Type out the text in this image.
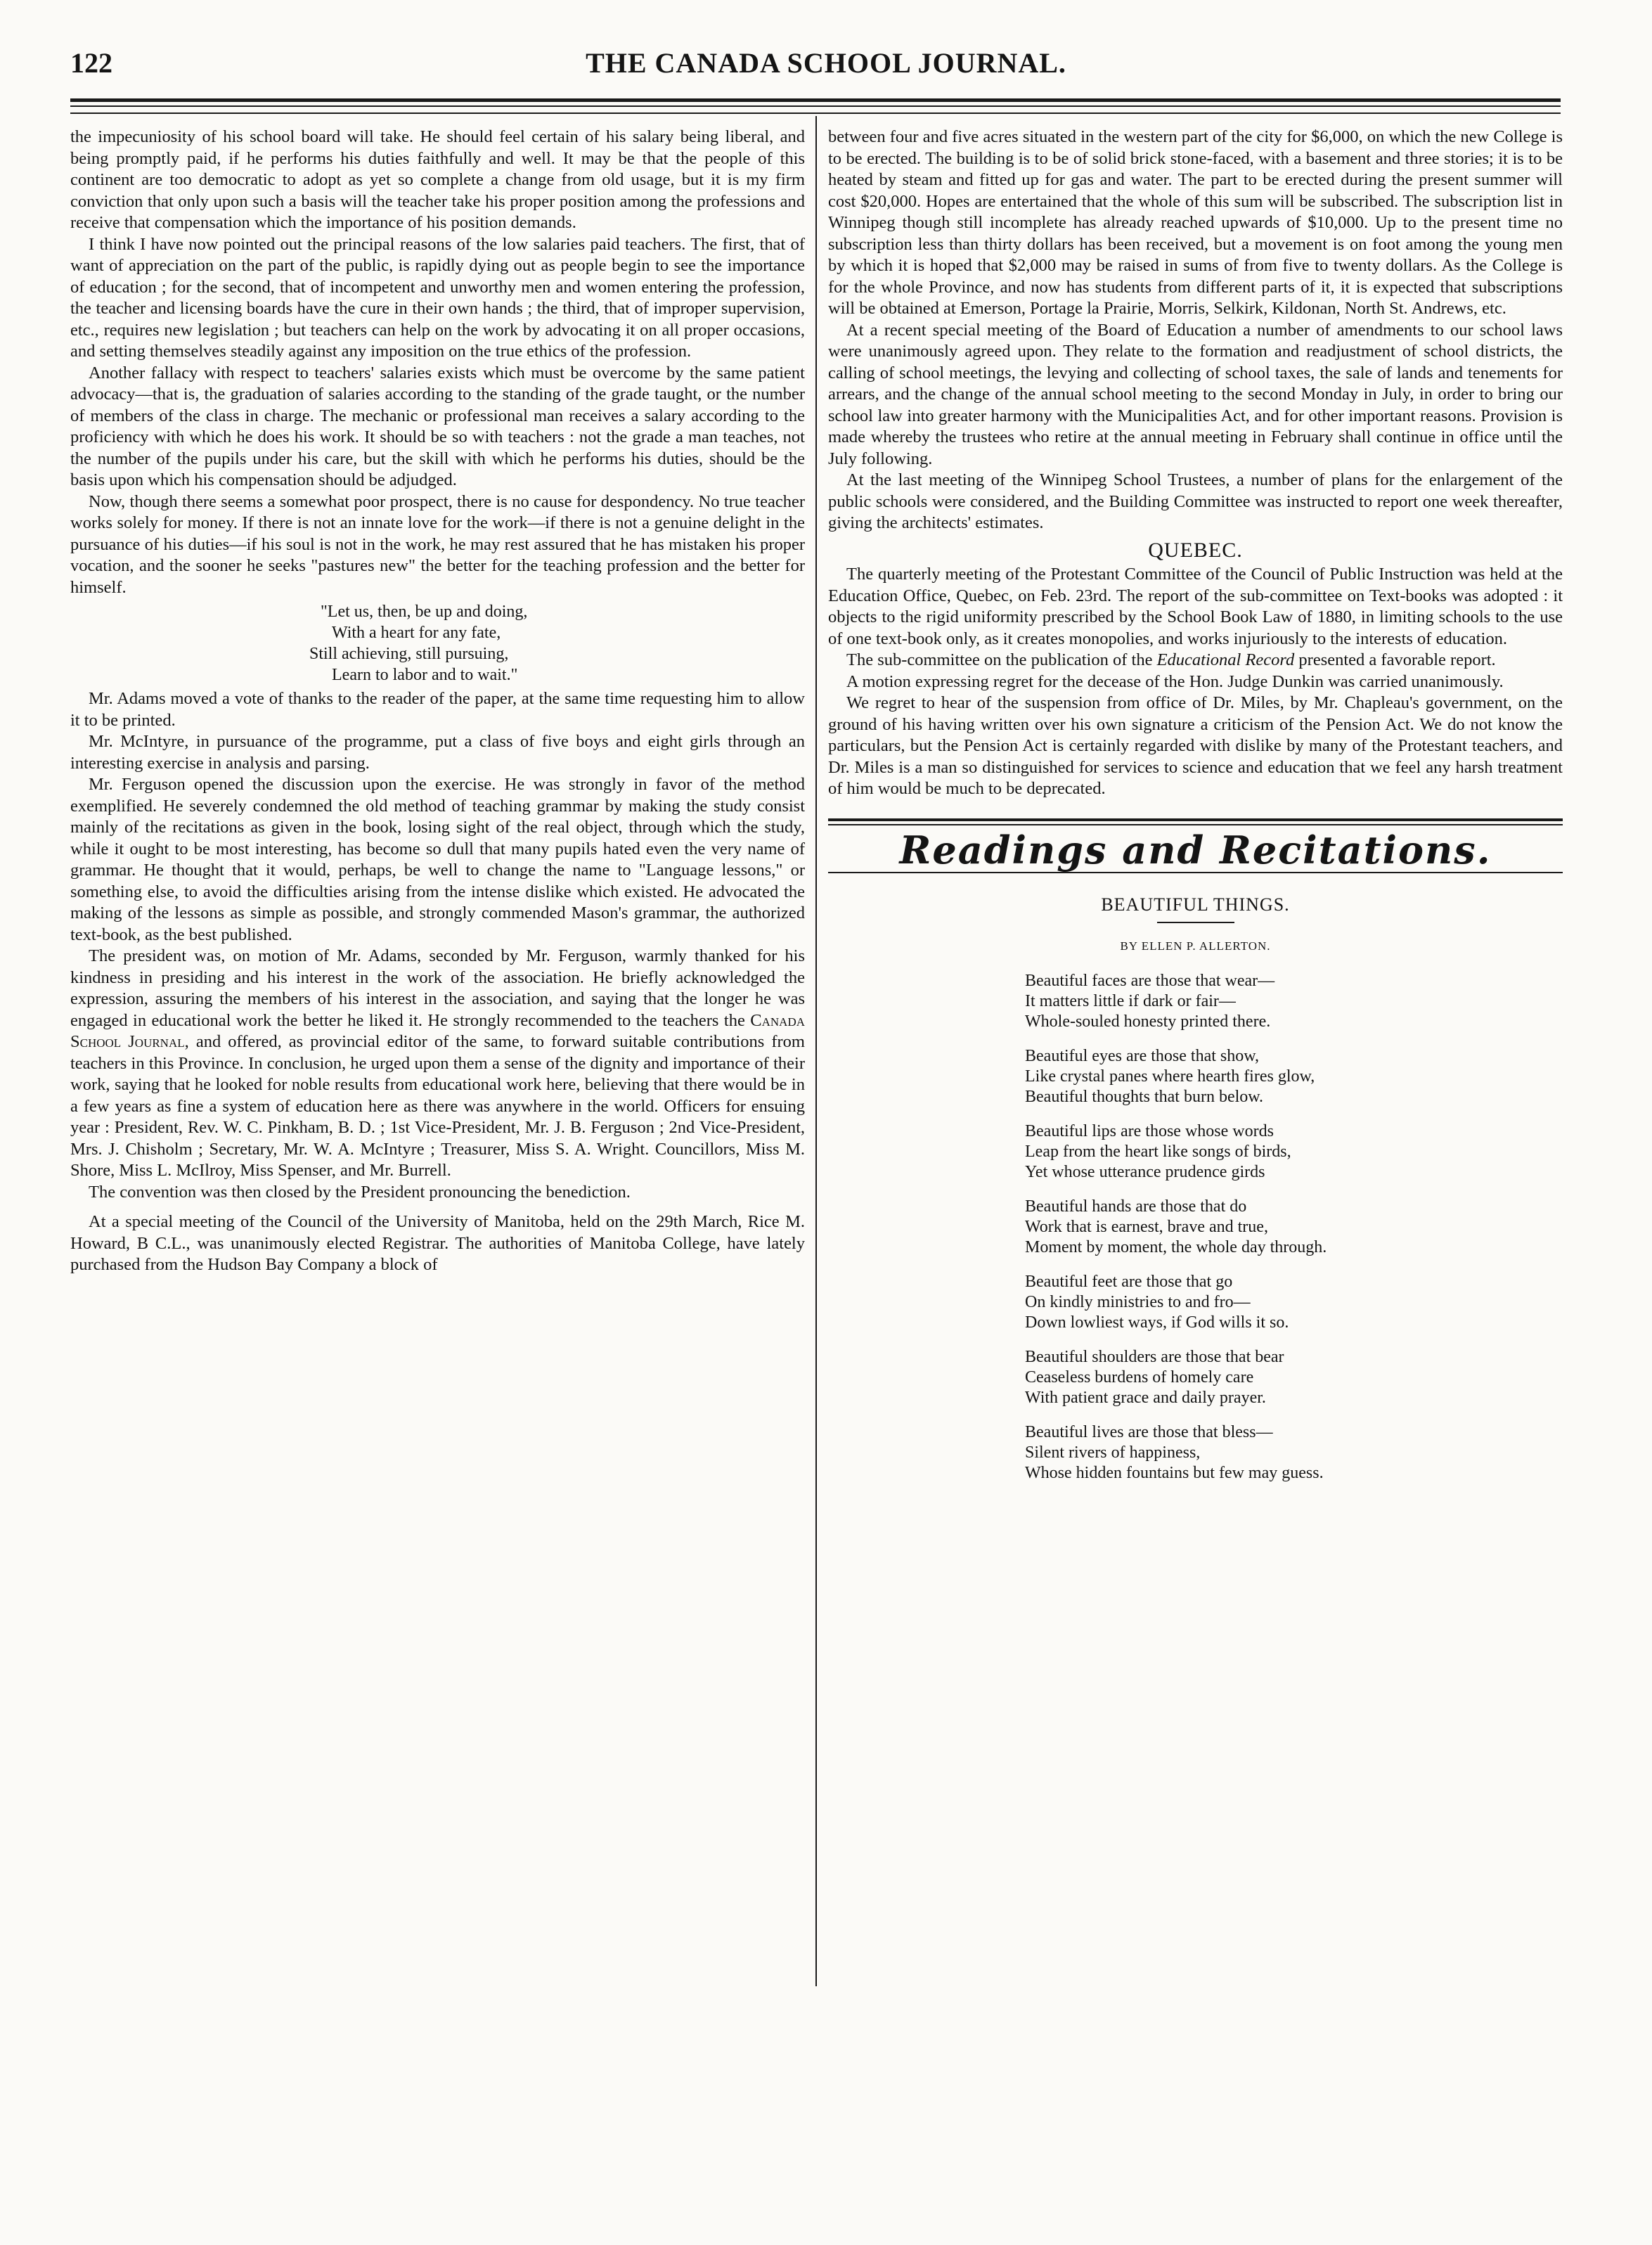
122	THE CANADA SCHOOL JOURNAL.

the impecuniosity of his school board will take. He should feel certain of his salary being liberal, and being promptly paid, if he performs his duties faithfully and well. It may be that the people of this continent are too democratic to adopt as yet so complete a change from old usage, but it is my firm conviction that only upon such a basis will the teacher take his proper position among the professions and receive that compensation which the importance of his position demands.

I think I have now pointed out the principal reasons of the low salaries paid teachers. The first, that of want of appreciation on the part of the public, is rapidly dying out as people begin to see the importance of education ; for the second, that of incompetent and unworthy men and women entering the profession, the teacher and licensing boards have the cure in their own hands ; the third, that of improper supervision, etc., requires new legislation ; but teachers can help on the work by advocating it on all proper occasions, and setting themselves steadily against any imposition on the true ethics of the profession.

Another fallacy with respect to teachers' salaries exists which must be overcome by the same patient advocacy—that is, the graduation of salaries according to the standing of the grade taught, or the number of members of the class in charge. The mechanic or professional man receives a salary according to the proficiency with which he does his work. It should be so with teachers : not the grade a man teaches, not the number of the pupils under his care, but the skill with which he performs his duties, should be the basis upon which his compensation should be adjudged.

Now, though there seems a somewhat poor prospect, there is no cause for despondency. No true teacher works solely for money. If there is not an innate love for the work—if there is not a genuine delight in the pursuance of his duties—if his soul is not in the work, he may rest assured that he has mistaken his proper vocation, and the sooner he seeks "pastures new" the better for the teaching profession and the better for himself.

"Let us, then, be up and doing,
With a heart for any fate,
Still achieving, still pursuing,
Learn to labor and to wait."

Mr. Adams moved a vote of thanks to the reader of the paper, at the same time requesting him to allow it to be printed.

Mr. McIntyre, in pursuance of the programme, put a class of five boys and eight girls through an interesting exercise in analysis and parsing.

Mr. Ferguson opened the discussion upon the exercise. He was strongly in favor of the method exemplified. He severely condemned the old method of teaching grammar by making the study consist mainly of the recitations as given in the book, losing sight of the real object, through which the study, while it ought to be most interesting, has become so dull that many pupils hated even the very name of grammar. He thought that it would, perhaps, be well to change the name to "Language lessons," or something else, to avoid the difficulties arising from the intense dislike which existed. He advocated the making of the lessons as simple as possible, and strongly commended Mason's grammar, the authorized text-book, as the best published.

The president was, on motion of Mr. Adams, seconded by Mr. Ferguson, warmly thanked for his kindness in presiding and his interest in the work of the association. He briefly acknowledged the expression, assuring the members of his interest in the association, and saying that the longer he was engaged in educational work the better he liked it. He strongly recommended to the teachers the Canada School Journal, and offered, as provincial editor of the same, to forward suitable contributions from teachers in this Province. In conclusion, he urged upon them a sense of the dignity and importance of their work, saying that he looked for noble results from educational work here, believing that there would be in a few years as fine a system of education here as there was anywhere in the world. Officers for ensuing year : President, Rev. W. C. Pinkham, B. D. ; 1st Vice-President, Mr. J. B. Ferguson ; 2nd Vice-President, Mrs. J. Chisholm ; Secretary, Mr. W. A. McIntyre ; Treasurer, Miss S. A. Wright. Councillors, Miss M. Shore, Miss L. McIlroy, Miss Spenser, and Mr. Burrell.

The convention was then closed by the President pronouncing the benediction.

At a special meeting of the Council of the University of Manitoba, held on the 29th March, Rice M. Howard, B C.L., was unanimously elected Registrar. The authorities of Manitoba College, have lately purchased from the Hudson Bay Company a block of

between four and five acres situated in the western part of the city for $6,000, on which the new College is to be erected. The building is to be of solid brick stone-faced, with a basement and three stories; it is to be heated by steam and fitted up for gas and water. The part to be erected during the present summer will cost $20,000. Hopes are entertained that the whole of this sum will be subscribed. The subscription list in Winnipeg though still incomplete has already reached upwards of $10,000. Up to the present time no subscription less than thirty dollars has been received, but a movement is on foot among the young men by which it is hoped that $2,000 may be raised in sums of from five to twenty dollars. As the College is for the whole Province, and now has students from different parts of it, it is expected that subscriptions will be obtained at Emerson, Portage la Prairie, Morris, Selkirk, Kildonan, North St. Andrews, etc.

At a recent special meeting of the Board of Education a number of amendments to our school laws were unanimously agreed upon. They relate to the formation and readjustment of school districts, the calling of school meetings, the levying and collecting of school taxes, the sale of lands and tenements for arrears, and the change of the annual school meeting to the second Monday in July, in order to bring our school law into greater harmony with the Municipalities Act, and for other important reasons. Provision is made whereby the trustees who retire at the annual meeting in February shall continue in office until the July following.

At the last meeting of the Winnipeg School Trustees, a number of plans for the enlargement of the public schools were considered, and the Building Committee was instructed to report one week thereafter, giving the architects' estimates.

QUEBEC.

The quarterly meeting of the Protestant Committee of the Council of Public Instruction was held at the Education Office, Quebec, on Feb. 23rd. The report of the sub-committee on Text-books was adopted : it objects to the rigid uniformity prescribed by the School Book Law of 1880, in limiting schools to the use of one text-book only, as it creates monopolies, and works injuriously to the interests of education.

The sub-committee on the publication of the Educational Record presented a favorable report.

A motion expressing regret for the decease of the Hon. Judge Dunkin was carried unanimously.

We regret to hear of the suspension from office of Dr. Miles, by Mr. Chapleau's government, on the ground of his having written over his own signature a criticism of the Pension Act. We do not know the particulars, but the Pension Act is certainly regarded with dislike by many of the Protestant teachers, and Dr. Miles is a man so distinguished for services to science and education that we feel any harsh treatment of him would be much to be deprecated.

Readings and Recitations.
BEAUTIFUL THINGS.
BY ELLEN P. ALLERTON.
Beautiful faces are those that wear—
It matters little if dark or fair—
Whole-souled honesty printed there.
Beautiful eyes are those that show,
Like crystal panes where hearth fires glow,
Beautiful thoughts that burn below.
Beautiful lips are those whose words
Leap from the heart like songs of birds,
Yet whose utterance prudence girds
Beautiful hands are those that do
Work that is earnest, brave and true,
Moment by moment, the whole day through.
Beautiful feet are those that go
On kindly ministries to and fro—
Down lowliest ways, if God wills it so.
Beautiful shoulders are those that bear
Ceaseless burdens of homely care
With patient grace and daily prayer.
Beautiful lives are those that bless—
Silent rivers of happiness,
Whose hidden fountains but few may guess.
